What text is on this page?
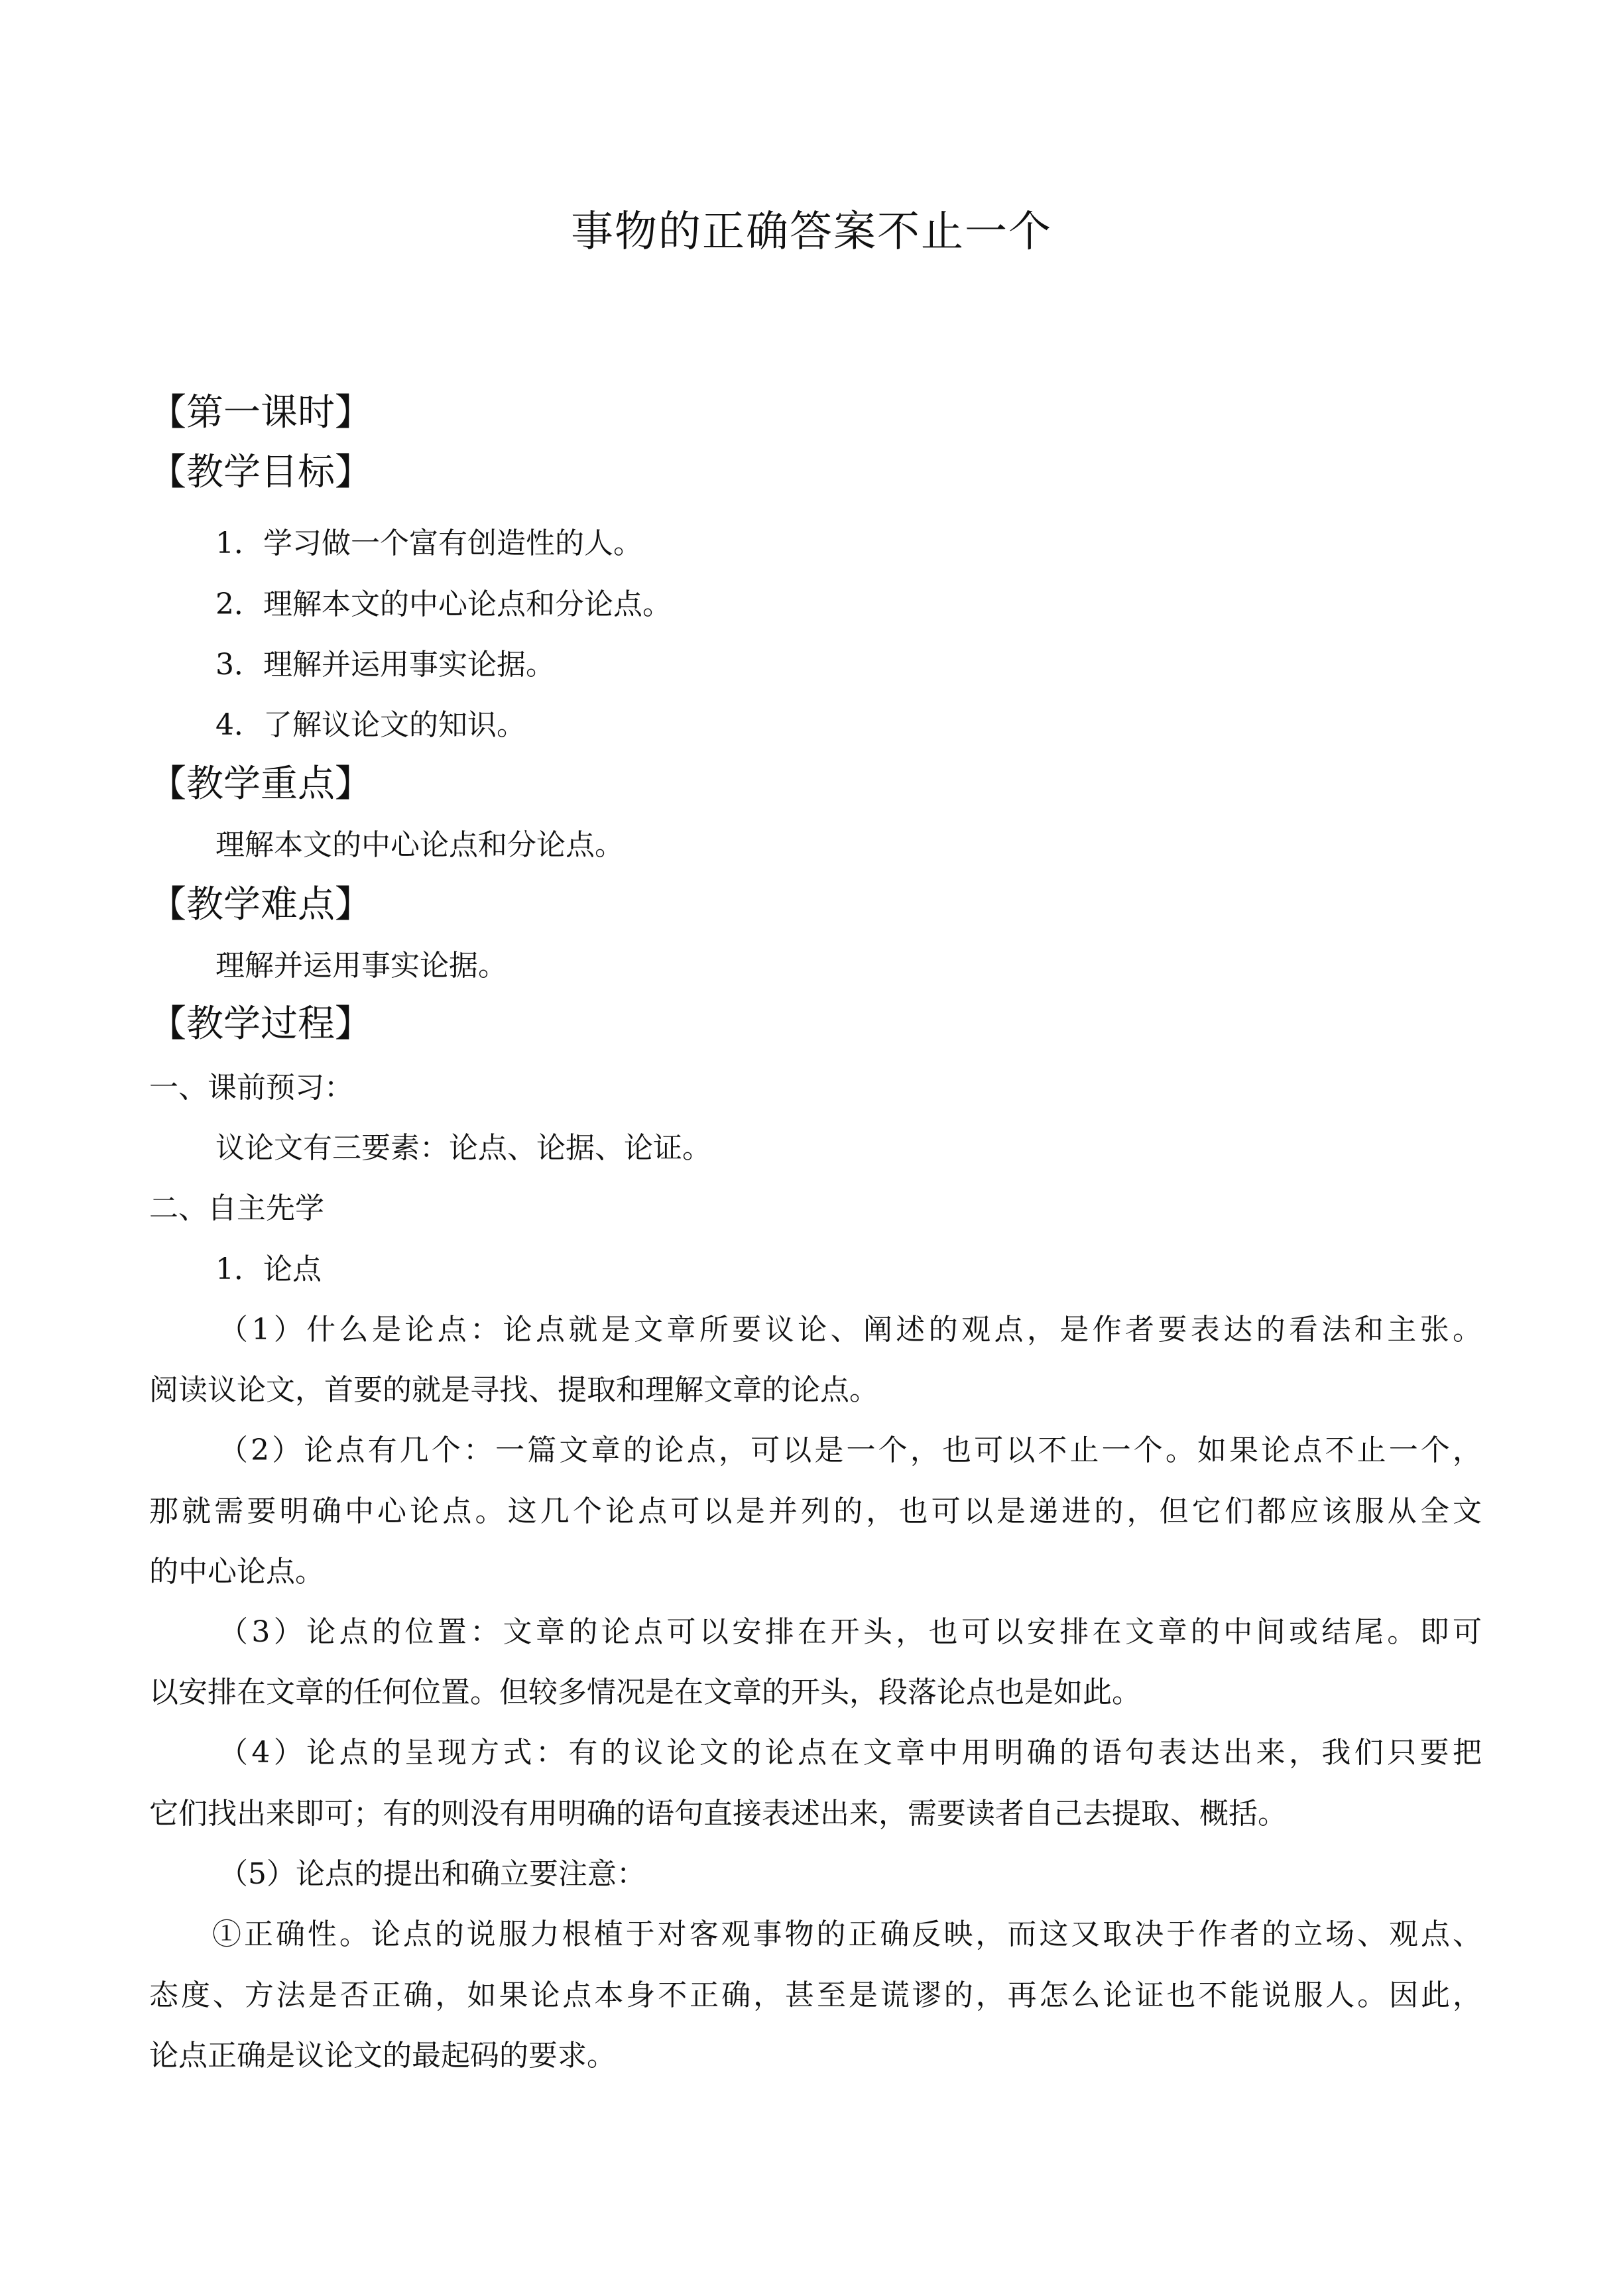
事物的正确答案不止一个
【第一课时】
【教学目标】
1．学习做一个富有创造性的人。
2．理解本文的中心论点和分论点。
3．理解并运用事实论据。
4．了解议论文的知识。
【教学重点】
理解本文的中心论点和分论点。
【教学难点】
理解并运用事实论据。
【教学过程】
一、课前预习：
议论文有三要素：论点、论据、论证。
二、自主先学
1．论点
（1）什么是论点：论点就是文章所要议论、阐述的观点，是作者要表达的看法和主张。
阅读议论文，首要的就是寻找、提取和理解文章的论点。
（2）论点有几个：一篇文章的论点，可以是一个，也可以不止一个。如果论点不止一个，
那就需要明确中心论点。这几个论点可以是并列的，也可以是递进的，但它们都应该服从全文
的中心论点。
（3）论点的位置：文章的论点可以安排在开头，也可以安排在文章的中间或结尾。即可
以安排在文章的任何位置。但较多情况是在文章的开头，段落论点也是如此。
（4）论点的呈现方式：有的议论文的论点在文章中用明确的语句表达出来，我们只要把
它们找出来即可；有的则没有用明确的语句直接表述出来，需要读者自己去提取、概括。
（5）论点的提出和确立要注意：
①正确性。论点的说服力根植于对客观事物的正确反映，而这又取决于作者的立场、观点、
态度、方法是否正确，如果论点本身不正确，甚至是谎谬的，再怎么论证也不能说服人。因此，
论点正确是议论文的最起码的要求。
